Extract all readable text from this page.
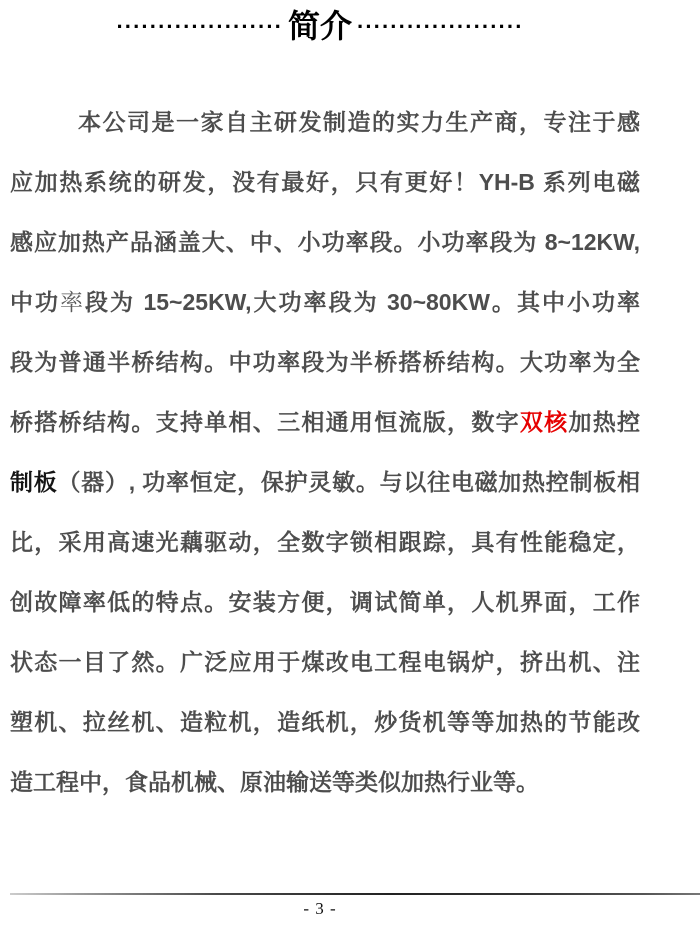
···················· 简介 ····················
本公司是一家自主研发制造的实力生产商，专注于感
应加热系统的研发，没有最好，只有更好！YH-B 系列电磁
感应加热产品涵盖大、中、小功率段。小功率段为 8~12KW,
中功率段为 15~25KW,大功率段为 30~80KW。其中小功率
段为普通半桥结构。中功率段为半桥搭桥结构。大功率为全
桥搭桥结构。支持单相、三相通用恒流版，数字双核加热控
制板（器）, 功率恒定，保护灵敏。与以往电磁加热控制板相
比，采用高速光藕驱动，全数字锁相跟踪，具有性能稳定，
创故障率低的特点。安装方便，调试简单，人机界面，工作
状态一目了然。广泛应用于煤改电工程电锅炉，挤出机、注
塑机、拉丝机、造粒机，造纸机，炒货机等等加热的节能改
造工程中，食品机械、原油输送等类似加热行业等。
- 3 -
